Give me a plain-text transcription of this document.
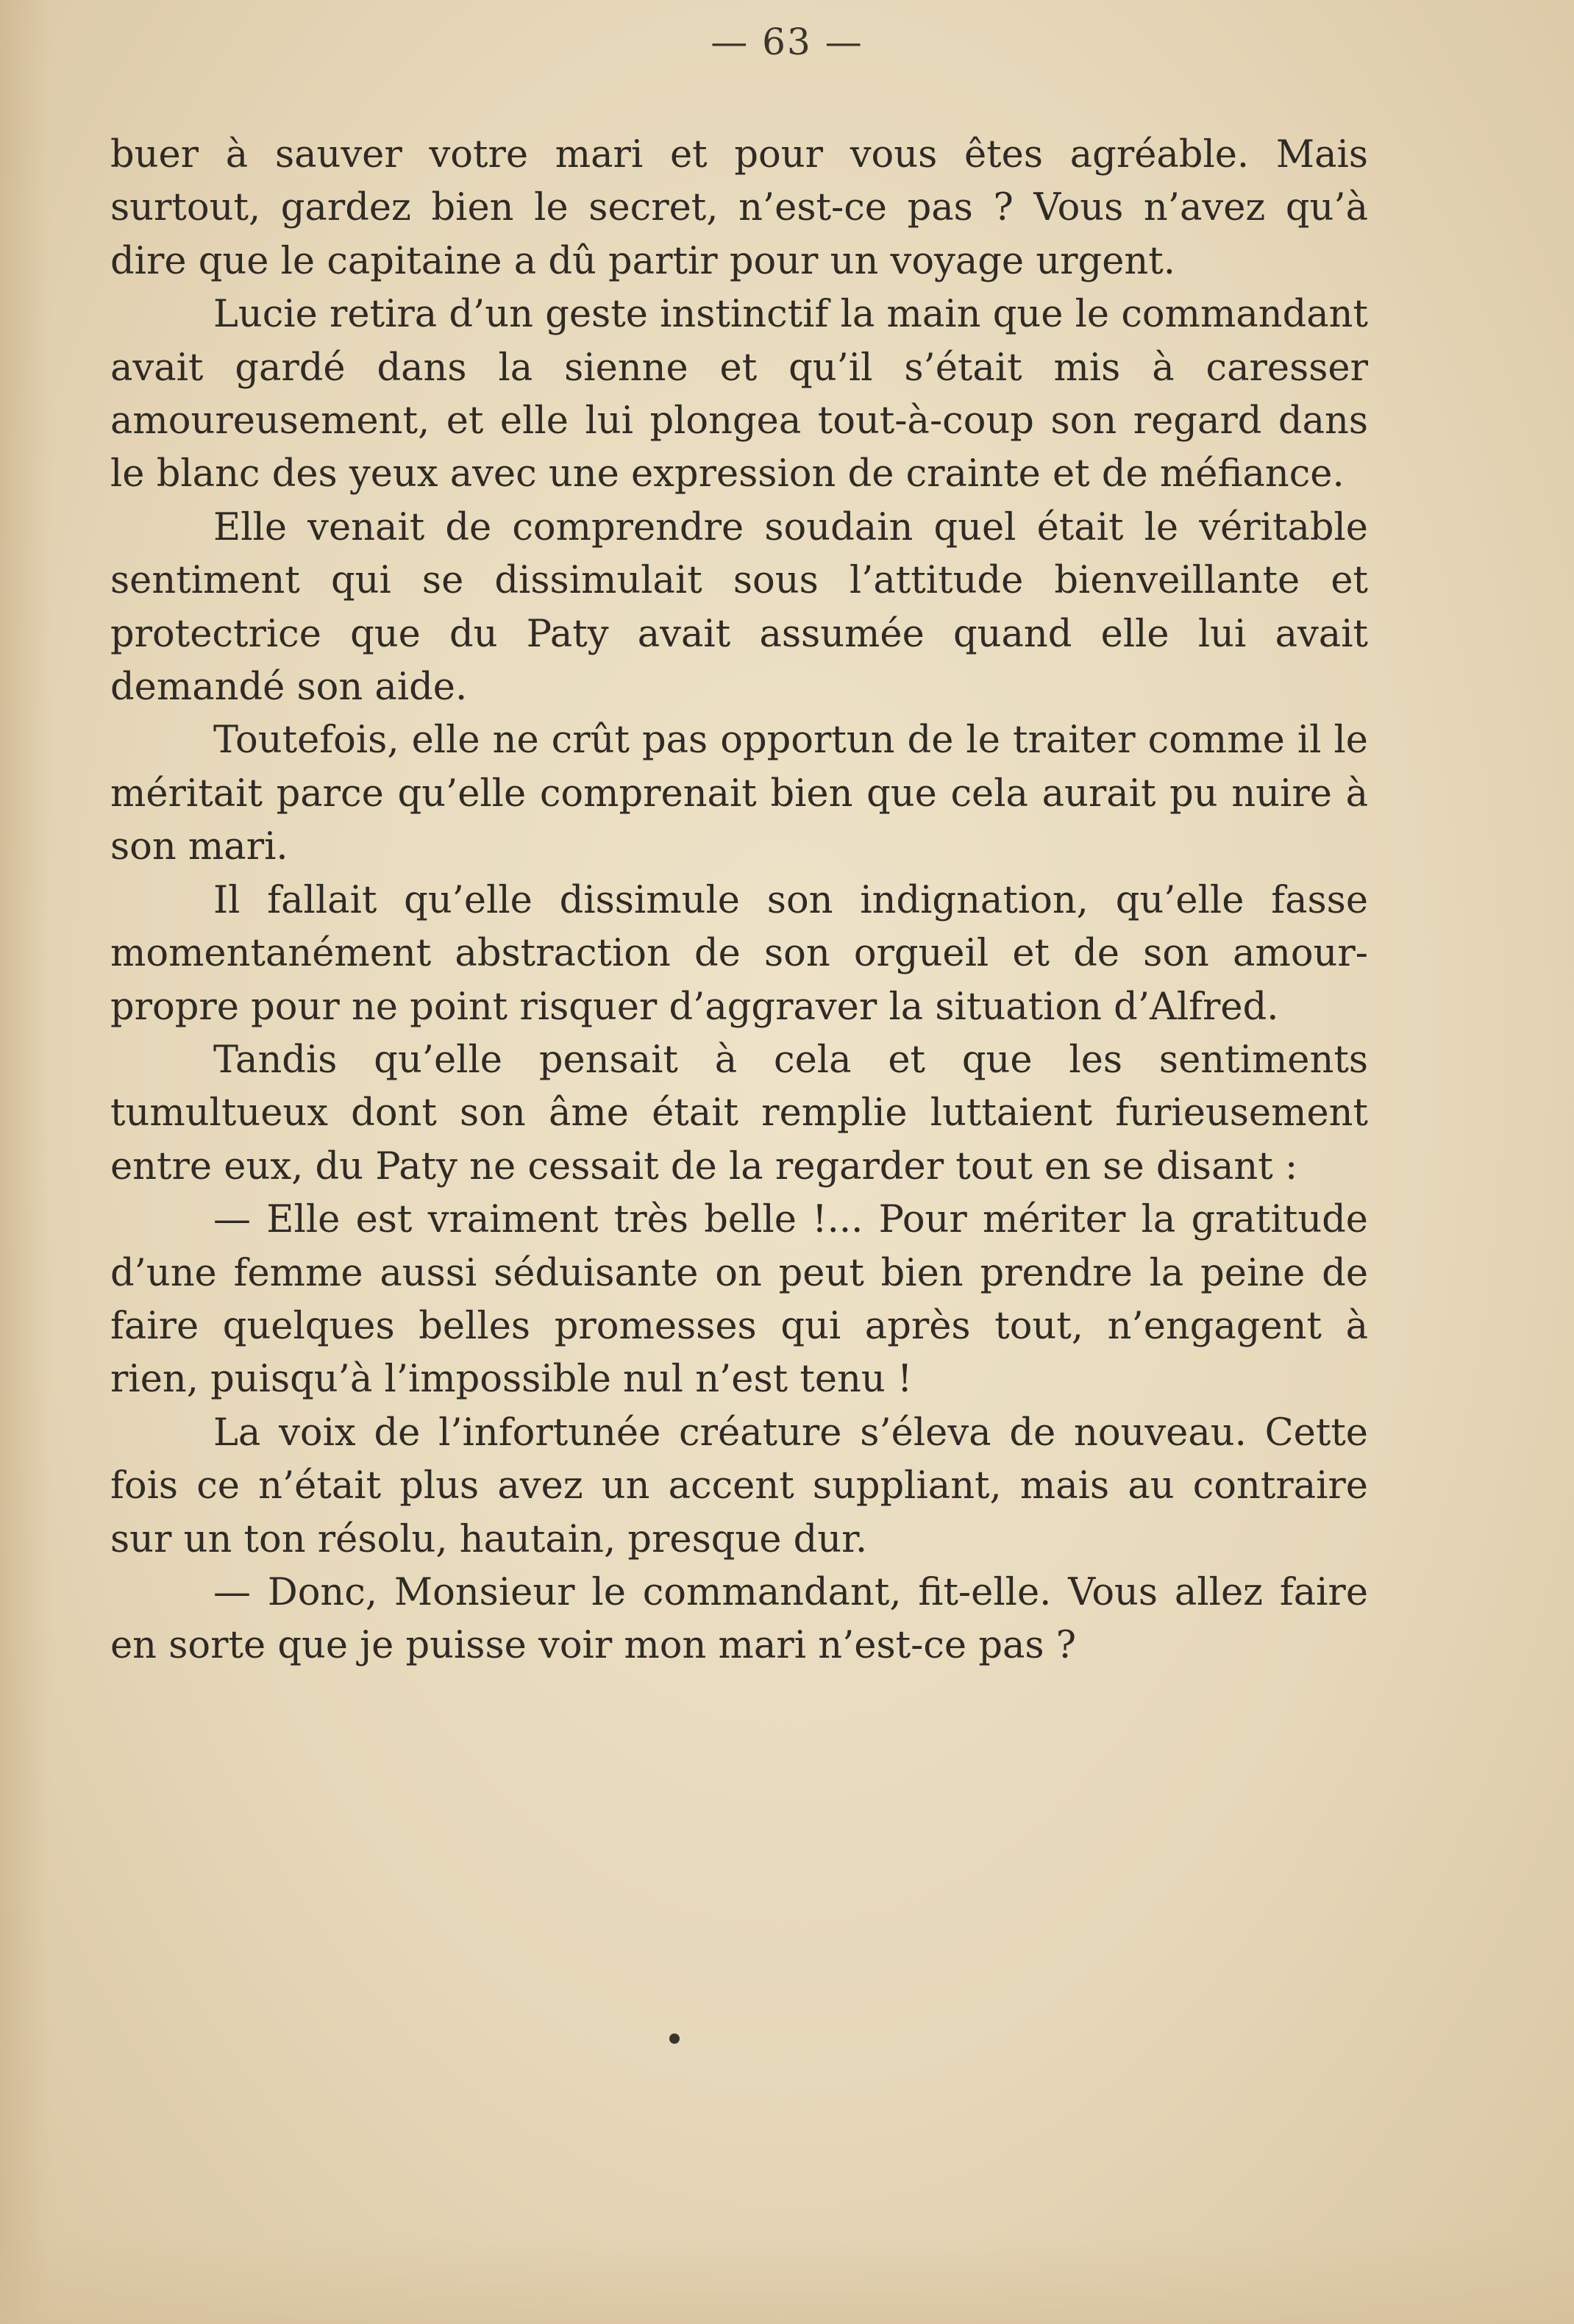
— 63 —

buer à sauver votre mari et pour vous êtes agréable. Mais surtout, gardez bien le secret, n’est-ce pas ? Vous n’avez qu’à dire que le capitaine a dû partir pour un voyage urgent.

Lucie retira d’un geste instinctif la main que le commandant avait gardé dans la sienne et qu’il s’était mis à caresser amoureusement, et elle lui plongea tout-à-coup son regard dans le blanc des yeux avec une expression de crainte et de méfiance.

Elle venait de comprendre soudain quel était le véritable sentiment qui se dissimulait sous l’attitude bienveillante et protectrice que du Paty avait assumée quand elle lui avait demandé son aide.

Toutefois, elle ne crût pas opportun de le traiter comme il le méritait parce qu’elle comprenait bien que cela aurait pu nuire à son mari.

Il fallait qu’elle dissimule son indignation, qu’elle fasse momentanément abstraction de son orgueil et de son amour-propre pour ne point risquer d’aggraver la situation d’Alfred.

Tandis qu’elle pensait à cela et que les sentiments tumultueux dont son âme était remplie luttaient furieusement entre eux, du Paty ne cessait de la regarder tout en se disant :

— Elle est vraiment très belle !... Pour mériter la gratitude d’une femme aussi séduisante on peut bien prendre la peine de faire quelques belles promesses qui après tout, n’engagent à rien, puisqu’à l’impossible nul n’est tenu !

La voix de l’infortunée créature s’éleva de nouveau. Cette fois ce n’était plus avez un accent suppliant, mais au contraire sur un ton résolu, hautain, presque dur.

— Donc, Monsieur le commandant, fit-elle. Vous allez faire en sorte que je puisse voir mon mari n’est-ce pas ?
